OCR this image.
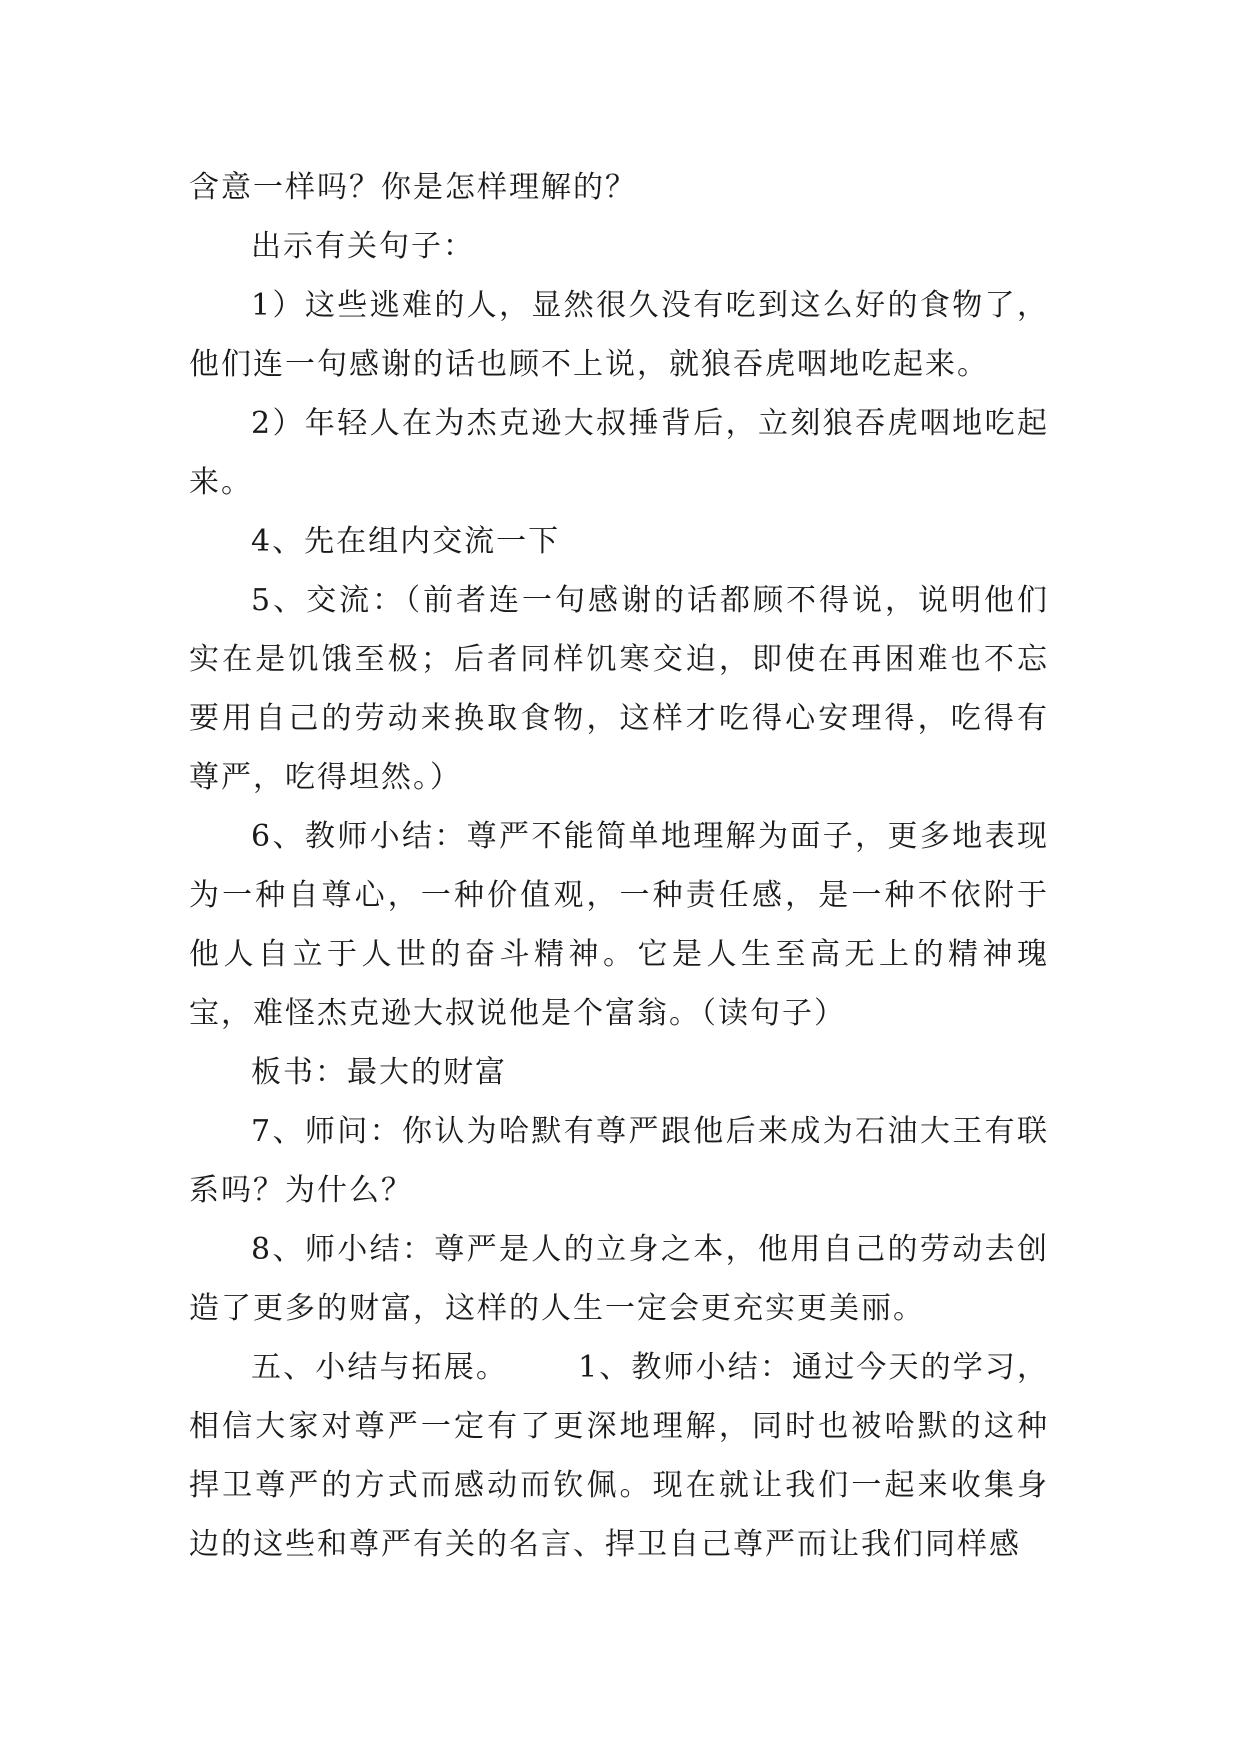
含意一样吗？你是怎样理解的？

出示有关句子：

1）这些逃难的人，显然很久没有吃到这么好的食物了，他们连一句感谢的话也顾不上说，就狼吞虎咽地吃起来。

2）年轻人在为杰克逊大叔捶背后，立刻狼吞虎咽地吃起来。

4、先在组内交流一下

5、交流：（前者连一句感谢的话都顾不得说，说明他们实在是饥饿至极；后者同样饥寒交迫，即使在再困难也不忘要用自己的劳动来换取食物，这样才吃得心安理得，吃得有尊严，吃得坦然。）

6、教师小结：尊严不能简单地理解为面子，更多地表现为一种自尊心，一种价值观，一种责任感，是一种不依附于他人自立于人世的奋斗精神。它是人生至高无上的精神瑰宝，难怪杰克逊大叔说他是个富翁。（读句子）

板书：最大的财富

7、师问：你认为哈默有尊严跟他后来成为石油大王有联系吗？为什么？

8、师小结：尊严是人的立身之本，他用自己的劳动去创造了更多的财富，这样的人生一定会更充实更美丽。

五、小结与拓展。 1、教师小结：通过今天的学习，相信大家对尊严一定有了更深地理解，同时也被哈默的这种捍卫尊严的方式而感动而钦佩。现在就让我们一起来收集身边的这些和尊严有关的名言、捍卫自己尊严而让我们同样感
